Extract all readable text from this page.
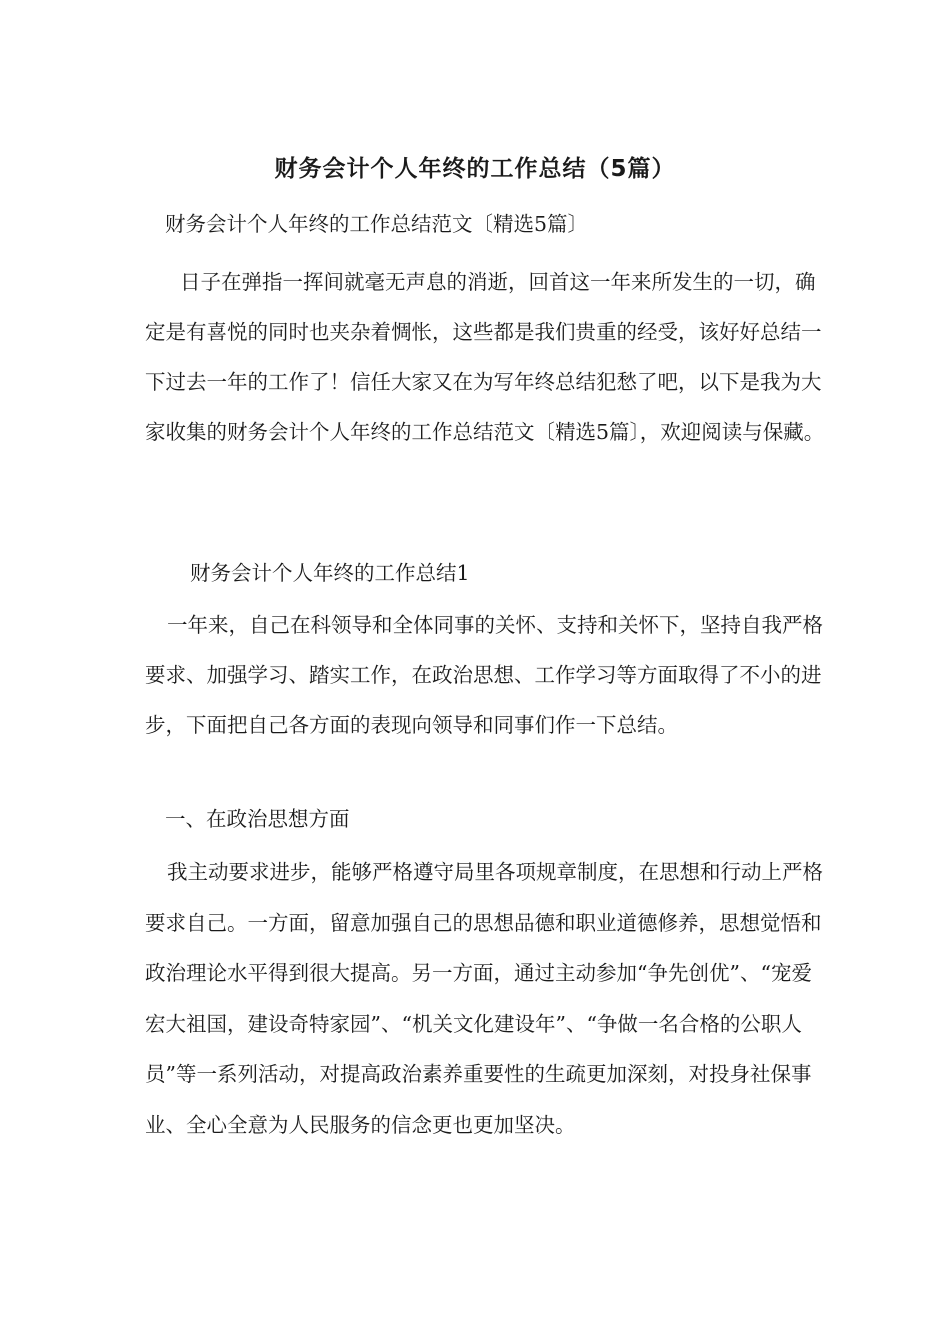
财务会计个人年终的工作总结（5篇）

财务会计个人年终的工作总结范文〔精选5篇〕

日子在弹指一挥间就毫无声息的消逝，回首这一年来所发生的一切，确定是有喜悦的同时也夹杂着惆怅，这些都是我们贵重的经受，该好好总结一下过去一年的工作了！信任大家又在为写年终总结犯愁了吧，以下是我为大家收集的财务会计个人年终的工作总结范文〔精选5篇〕，欢迎阅读与保藏。

财务会计个人年终的工作总结1

一年来，自己在科领导和全体同事的关怀、支持和关怀下，坚持自我严格要求、加强学习、踏实工作，在政治思想、工作学习等方面取得了不小的进步，下面把自己各方面的表现向领导和同事们作一下总结。

一、在政治思想方面

我主动要求进步，能够严格遵守局里各项规章制度，在思想和行动上严格要求自己。一方面，留意加强自己的思想品德和职业道德修养，思想觉悟和政治理论水平得到很大提高。另一方面，通过主动参加“争先创优”、“宠爱宏大祖国，建设奇特家园”、“机关文化建设年”、“争做一名合格的公职人员”等一系列活动，对提高政治素养重要性的生疏更加深刻，对投身社保事业、全心全意为人民服务的信念更也更加坚决。
